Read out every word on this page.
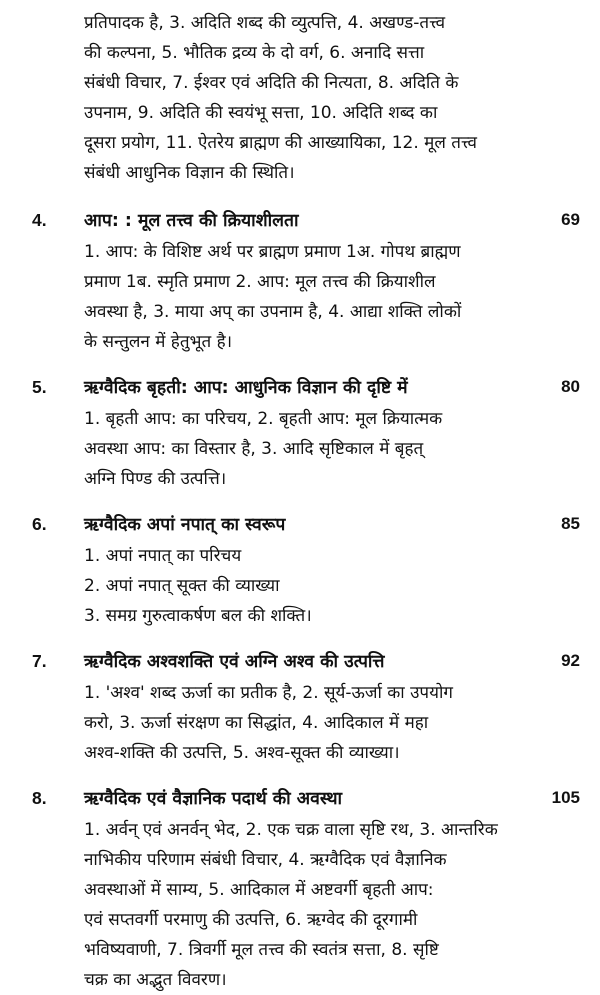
प्रतिपादक है, 3. अदिति शब्द की व्युत्पत्ति, 4. अखण्ड-तत्त्व
की कल्पना, 5. भौतिक द्रव्य के दो वर्ग, 6. अनादि सत्ता
संबंधी विचार, 7. ईश्वर एवं अदिति की नित्यता, 8. अदिति के
उपनाम, 9. अदिति की स्वयंभू सत्ता, 10. अदिति शब्द का
दूसरा प्रयोग, 11. ऐतरेय ब्राह्मण की आख्यायिका, 12. मूल तत्त्व
संबंधी आधुनिक विज्ञान की स्थिति।
4. आप: : मूल तत्त्व की क्रियाशीलता	69
1. आप: के विशिष्ट अर्थ पर ब्राह्मण प्रमाण 1अ. गोपथ ब्राह्मण
प्रमाण 1ब. स्मृति प्रमाण 2. आप: मूल तत्त्व की क्रियाशील
अवस्था है, 3. माया अप् का उपनाम है, 4. आद्या शक्ति लोकों
के सन्तुलन में हेतुभूत है।
5. ऋग्वैदिक बृहती: आप: आधुनिक विज्ञान की दृष्टि में	80
1. बृहती आप: का परिचय, 2. बृहती आप: मूल क्रियात्मक
अवस्था आप: का विस्तार है, 3. आदि सृष्टिकाल में बृहत्
अग्नि पिण्ड की उत्पत्ति।
6. ऋग्वैदिक अपां नपात् का स्वरूप	85
1. अपां नपात् का परिचय
2. अपां नपात् सूक्त की व्याख्या
3. समग्र गुरुत्वाकर्षण बल की शक्ति।
7. ऋग्वैदिक अश्वशक्ति एवं अग्नि अश्व की उत्पत्ति	92
1. 'अश्व' शब्द ऊर्जा का प्रतीक है, 2. सूर्य-ऊर्जा का उपयोग
करो, 3. ऊर्जा संरक्षण का सिद्धांत, 4. आदिकाल में महा
अश्व-शक्ति की उत्पत्ति, 5. अश्व-सूक्त की व्याख्या।
8. ऋग्वैदिक एवं वैज्ञानिक पदार्थ की अवस्था	105
1. अर्वन् एवं अनर्वन् भेद, 2. एक चक्र वाला सृष्टि रथ, 3. आन्तरिक
नाभिकीय परिणाम संबंधी विचार, 4. ऋग्वैदिक एवं वैज्ञानिक
अवस्थाओं में साम्य, 5. आदिकाल में अष्टवर्गी बृहती आप:
एवं सप्तवर्गी परमाणु की उत्पत्ति, 6. ऋग्वेद की दूरगामी
भविष्यवाणी, 7. त्रिवर्गी मूल तत्त्व की स्वतंत्र सत्ता, 8. सृष्टि
चक्र का अद्भुत विवरण।
